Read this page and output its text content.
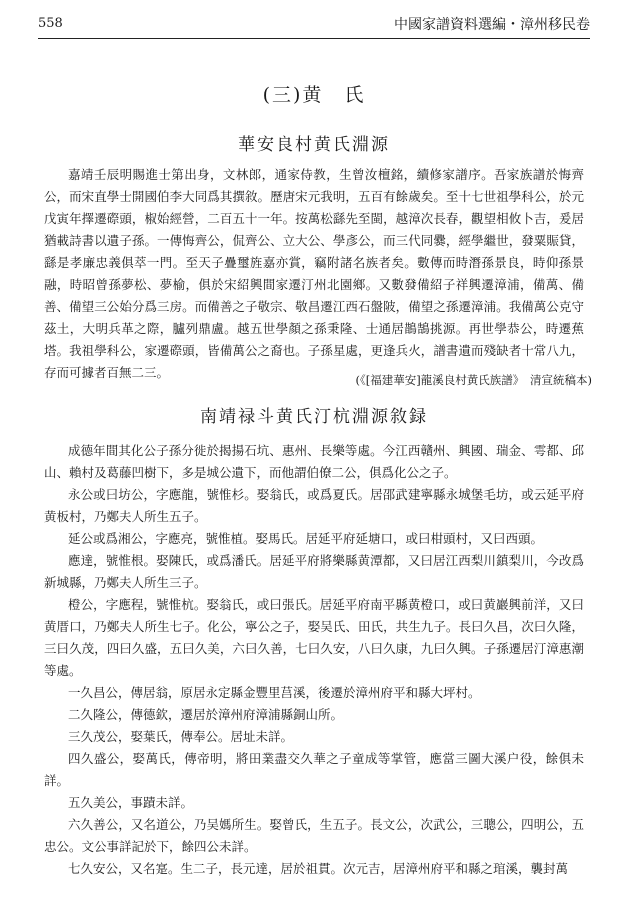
558	中國家譜資料選編・漳州移民卷
(三)黄　氏
華安良村黄氏淵源

嘉靖壬辰明賜進士第出身，文林郎，通家侍教，生曾汝檀銘，續修家譜序。吾家族譜於悔齊公，而宋直學士開國伯李大同爲其撰敘。歷唐宋元我明，五百有餘歲矣。至十七世祖學科公，於元戊寅年擇遷磜頭，椒始經營，二百五十一年。按萬松繇先至閩，越漳次長春，觀望相攸卜吉，爰居猶載詩書以遺子孫。一傳悔齊公，侃齊公、立大公、學彥公，而三代同爨，經學繼世，發粟賑貸，繇是孝廉忠義俱萃一門。至天子疊璽旌嘉亦賞，竊附諸名族者矣。數傳而時潛孫景良，時仰孫景融，時昭曾孫夢松、夢榆，俱於宋紹興間家遷汀州北園鄉。又數發備紹子祥興遷漳浦，備萬、備善、備望三公始分爲三房。而備善之子敬宗、敬昌遷江西石盤陂，備望之孫遷漳浦。我備萬公克守茲土，大明兵革之際，臚列鼎盧。越五世學顏之孫秉隆、士通居鵲鵠挑源。再世學恭公，時遷蕉塔。我祖學科公，家遷磜頭，皆備萬公之裔也。子孫星處，更逢兵火，譜書遺而殘缺者十常八九，存而可據者百無二三。	(《[福建華安]龍溪良村黄氏族譜》　清宣統稿本)
南靖禄斗黄氏汀杭淵源敘録

成德年間其化公子孫分徙於揭揚石坑、惠州、長樂等處。今江西贛州、興國、瑞金、雩都、邱山、賴村及葛藤凹樹下，多是城公遺下，而他謂伯僚二公，俱爲化公之子。

永公或曰坊公，字應龍，號惟杉。娶翁氏，或爲夏氏。居邵武建寧縣永城堡毛坊，或云延平府黄板村，乃鄭夫人所生五子。

延公或爲湘公，字應亮，號惟植。娶馬氏。居延平府延塘口，或曰柑頭村，又曰西頭。

應達，號惟根。娶陳氏，或爲潘氏。居延平府將樂縣黄潭都，又曰居江西梨川鎮梨川，今改爲新城縣，乃鄭夫人所生三子。

橙公，字應程，號惟杭。娶翁氏，或曰張氏。居延平府南平縣黄橙口，或曰黄巖興前洋，又曰黄厝口，乃鄭夫人所生七子。化公，寧公之子，娶吴氏、田氏，共生九子。長曰久昌，次曰久隆，三曰久茂，四曰久盛，五曰久美，六曰久善，七曰久安，八曰久康，九曰久興。子孫遷居汀漳惠潮等處。

一久昌公，傳居翁，原居永定縣金豐里莒溪，後遷於漳州府平和縣大坪村。

二久隆公，傳德欽，遷居於漳州府漳浦縣銅山所。

三久茂公，娶葉氏，傳奉公。居址未詳。

四久盛公，娶萬氏，傳帝明，將田業盡交久華之子童成等掌管，應當三圖大溪户役，餘俱未詳。

五久美公，事蹟未詳。

六久善公，又名道公，乃吴媽所生。娶曾氏，生五子。長文公，次武公，三聰公，四明公，五忠公。文公事詳記於下，餘四公未詳。

七久安公，又名寔。生二子，長元達，居於祖貫。次元吉，居漳州府平和縣之琯溪，襲封萬
